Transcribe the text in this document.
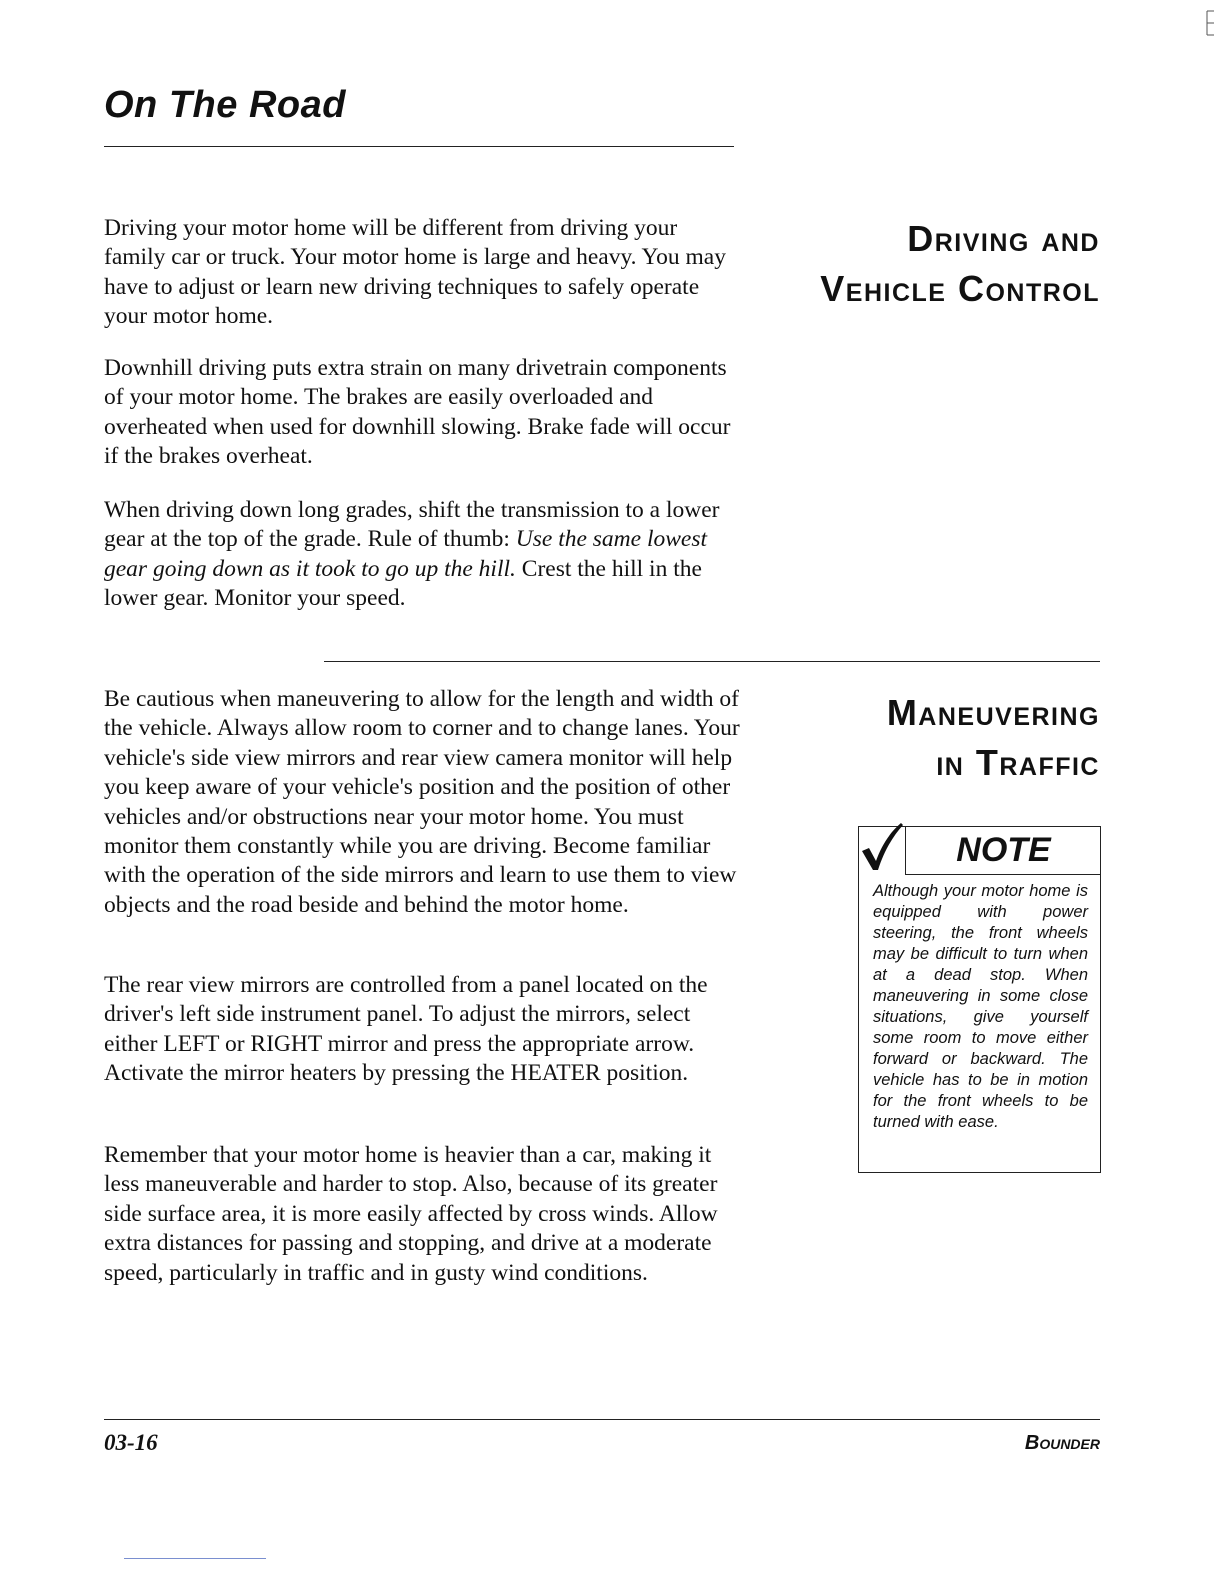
On The Road
Driving and
Vehicle Control

Driving your motor home will be different from driving your family car or truck. Your motor home is large and heavy. You may have to adjust or learn new driving techniques to safely operate your motor home.

Downhill driving puts extra strain on many drivetrain components of your motor home. The brakes are easily overloaded and overheated when used for downhill slowing. Brake fade will occur if the brakes overheat.

When driving down long grades, shift the transmission to a lower gear at the top of the grade. Rule of thumb: Use the same lowest gear going down as it took to go up the hill. Crest the hill in the lower gear. Monitor your speed.

Maneuvering
in Traffic

Be cautious when maneuvering to allow for the length and width of the vehicle. Always allow room to corner and to change lanes. Your vehicle's side view mirrors and rear view camera monitor will help you keep aware of your vehicle's position and the position of other vehicles and/or obstructions near your motor home. You must monitor them constantly while you are driving. Become familiar with the operation of the side mirrors and learn to use them to view objects and the road beside and behind the motor home.

The rear view mirrors are controlled from a panel located on the driver's left side instrument panel. To adjust the mirrors, select either LEFT or RIGHT mirror and press the appropriate arrow. Activate the mirror heaters by pressing the HEATER position.

Remember that your motor home is heavier than a car, making it less maneuverable and harder to stop. Also, because of its greater side surface area, it is more easily affected by cross winds. Allow extra distances for passing and stopping, and drive at a moderate speed, particularly in traffic and in gusty wind conditions.

NOTE

Although your motor home is equipped with power steering, the front wheels may be difficult to turn when at a dead stop. When maneuvering in some close situations, give yourself some room to move either forward or backward. The vehicle has to be in motion for the front wheels to be turned with ease.

03-16	Bounder
